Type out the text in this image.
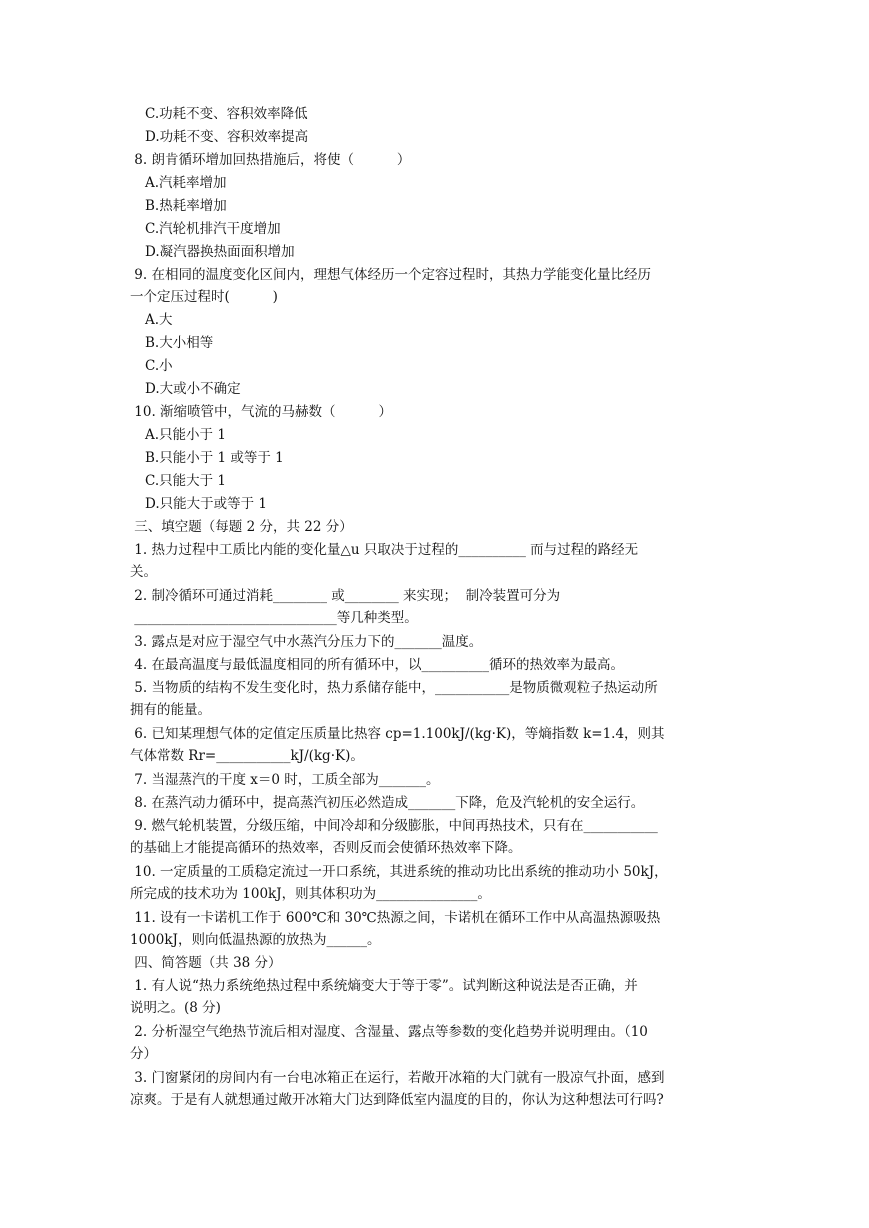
C.功耗不变、容积效率降低
D.功耗不变、容积效率提高
8. 朗肯循环增加回热措施后，将使（          ）
A.汽耗率增加
B.热耗率增加
C.汽轮机排汽干度增加
D.凝汽器换热面面积增加
9. 在相同的温度变化区间内，理想气体经历一个定容过程时，其热力学能变化量比经历
一个定压过程时(          )
A.大
B.大小相等
C.小
D.大或小不确定
10. 渐缩喷管中，气流的马赫数（          ）
A.只能小于 1
B.只能小于 1 或等于 1
C.只能大于 1
D.只能大于或等于 1
三、填空题（每题 2 分，共 22 分）
1. 热力过程中工质比内能的变化量△u 只取决于过程的__________ 而与过程的路经无
关。
2. 制冷循环可通过消耗________ 或________ 来实现；  制冷装置可分为
______________________________等几种类型。
3. 露点是对应于湿空气中水蒸汽分压力下的_______温度。
4. 在最高温度与最低温度相同的所有循环中，以__________循环的热效率为最高。
5. 当物质的结构不发生变化时，热力系储存能中，___________是物质微观粒子热运动所
拥有的能量。
6. 已知某理想气体的定值定压质量比热容 cp=1.100kJ/(kg·K)，等熵指数 k=1.4，则其
气体常数 Rr=___________kJ/(kg·K)。
7. 当湿蒸汽的干度 x＝0 时，工质全部为_______。
8. 在蒸汽动力循环中，提高蒸汽初压必然造成_______下降，危及汽轮机的安全运行。
9. 燃气轮机装置，分级压缩，中间冷却和分级膨胀，中间再热技术，只有在___________
的基础上才能提高循环的热效率，否则反而会使循环热效率下降。
10. 一定质量的工质稳定流过一开口系统，其进系统的推动功比出系统的推动功小 50kJ，
所完成的技术功为 100kJ，则其体积功为_______________。
11. 设有一卡诺机工作于 600℃和 30℃热源之间，卡诺机在循环工作中从高温热源吸热
1000kJ，则向低温热源的放热为______。
四、简答题（共 38 分）
1. 有人说“热力系统绝热过程中系统熵变大于等于零”。试判断这种说法是否正确，并
说明之。(8 分)
2. 分析湿空气绝热节流后相对湿度、含湿量、露点等参数的变化趋势并说明理由。（10
分）
3. 门窗紧闭的房间内有一台电冰箱正在运行，若敞开冰箱的大门就有一股凉气扑面，感到
凉爽。于是有人就想通过敞开冰箱大门达到降低室内温度的目的，你认为这种想法可行吗?
